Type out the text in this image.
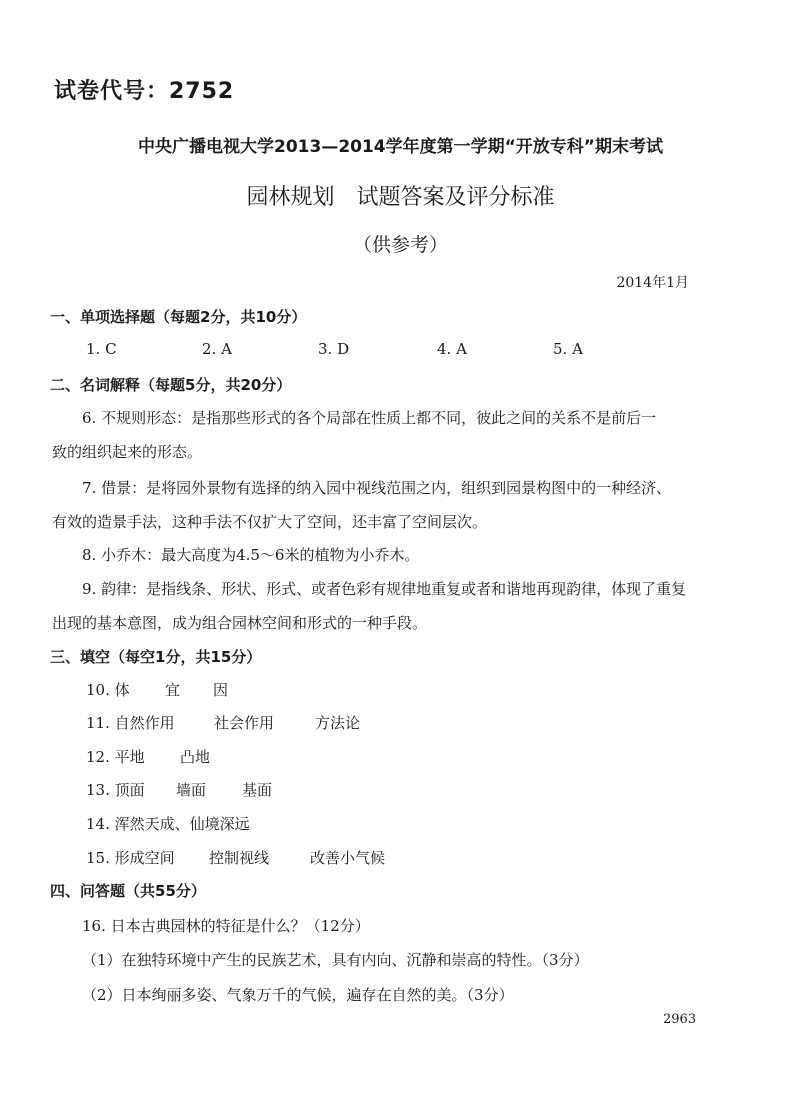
试卷代号：2752
中央广播电视大学2013—2014学年度第一学期“开放专科”期末考试
园林规划　试题答案及评分标准
（供参考）
2014年1月
一、单项选择题（每题2分，共10分）
1. C	2. A	3. D	4. A	5. A
二、名词解释（每题5分，共20分）
6. 不规则形态：是指那些形式的各个局部在性质上都不同，彼此之间的关系不是前后一
致的组织起来的形态。
7. 借景：是将园外景物有选择的纳入园中视线范围之内，组织到园景构图中的一种经济、
有效的造景手法，这种手法不仅扩大了空间，还丰富了空间层次。
8. 小乔木：最大高度为4.5～6米的植物为小乔木。
9. 韵律：是指线条、形状、形式、或者色彩有规律地重复或者和谐地再现韵律，体现了重复
出现的基本意图，成为组合园林空间和形式的一种手段。
三、填空（每空1分，共15分）
10. 体 宜 因
11. 自然作用	社会作用	方法论
12. 平地 凸地
13. 顶面 墙面 基面
14. 浑然天成、仙境深远
15. 形成空间 控制视线	改善小气候
四、问答题（共55分）
16. 日本古典园林的特征是什么？（12分）
（1）在独特环境中产生的民族艺术，具有内向、沉静和崇高的特性。（3分）
（2）日本绚丽多姿、气象万千的气候，遍存在自然的美。（3分）
2963
